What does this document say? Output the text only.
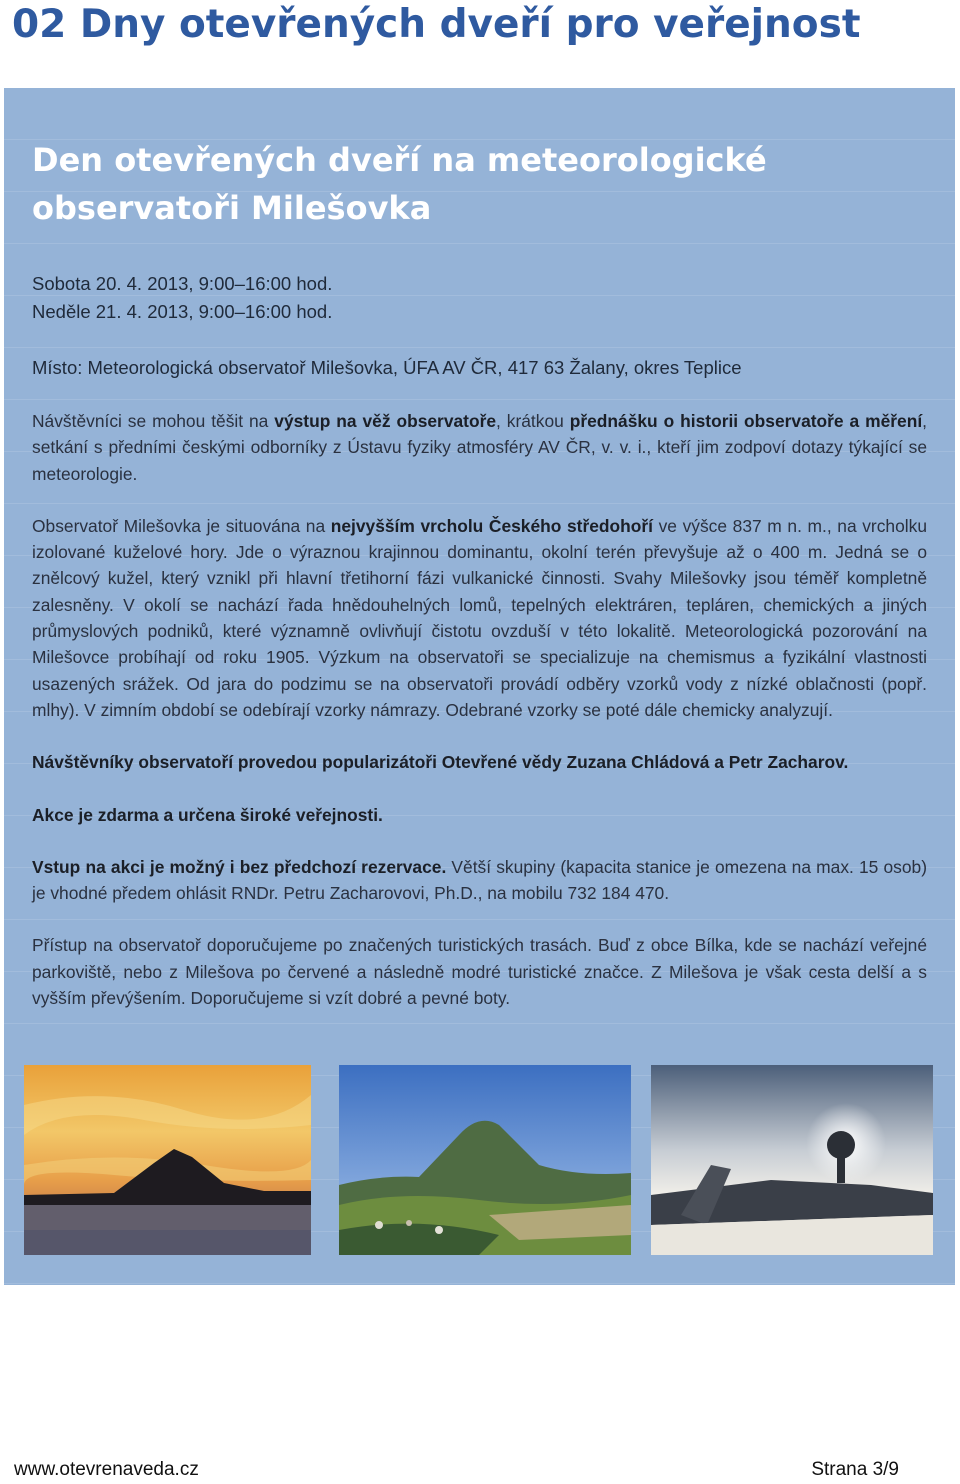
02 Dny otevřených dveří pro veřejnost
Den otevřených dveří na meteorologické observatoři Milešovka

Sobota 20. 4. 2013, 9:00–16:00 hod.
Neděle 21. 4. 2013, 9:00–16:00 hod.

Místo: Meteorologická observatoř Milešovka, ÚFA AV ČR, 417 63 Žalany, okres Teplice

Návštěvníci se mohou těšit na výstup na věž observatoře, krátkou přednášku o historii observatoře a měření, setkání s předními českými odborníky z Ústavu fyziky atmosféry AV ČR, v. v. i., kteří jim zodpoví dotazy týkající se meteorologie.

Observatoř Milešovka je situována na nejvyšším vrcholu Českého středohoří ve výšce 837 m n. m., na vrcholku izolované kuželové hory. Jde o výraznou krajinnou dominantu, okolní terén převyšuje až o 400 m. Jedná se o znělcový kužel, který vznikl při hlavní třetihorní fázi vulkanické činnosti. Svahy Milešovky jsou téměř kompletně zalesněny. V okolí se nachází řada hnědouhelných lomů, tepelných elektráren, tepláren, chemických a jiných průmyslových podniků, které významně ovlivňují čistotu ovzduší v této lokalitě. Meteorologická pozorování na Milešovce probíhají od roku 1905. Výzkum na observatoři se specializuje na chemismus a fyzikální vlastnosti usazených srážek. Od jara do podzimu se na observatoři provádí odběry vzorků vody z nízké oblačnosti (popř. mlhy). V zimním období se odebírají vzorky námrazy. Odebrané vzorky se poté dále chemicky analyzují.

Návštěvníky observatoří provedou popularizátoři Otevřené vědy Zuzana Chládová a Petr Zacharov.

Akce je zdarma a určena široké veřejnosti.

Vstup na akci je možný i bez předchozí rezervace. Větší skupiny (kapacita stanice je omezena na max. 15 osob) je vhodné předem ohlásit RNDr. Petru Zacharovovi, Ph.D., na mobilu 732 184 470.

Přístup na observatoř doporučujeme po značených turistických trasách. Buď z obce Bílka, kde se nachází veřejné parkoviště, nebo z Milešova po červené a následně modré turistické značce. Z Milešova je však cesta delší a s vyšším převýšením. Doporučujeme si vzít dobré a pevné boty.

www.otevrenaveda.cz	Strana 3/9
